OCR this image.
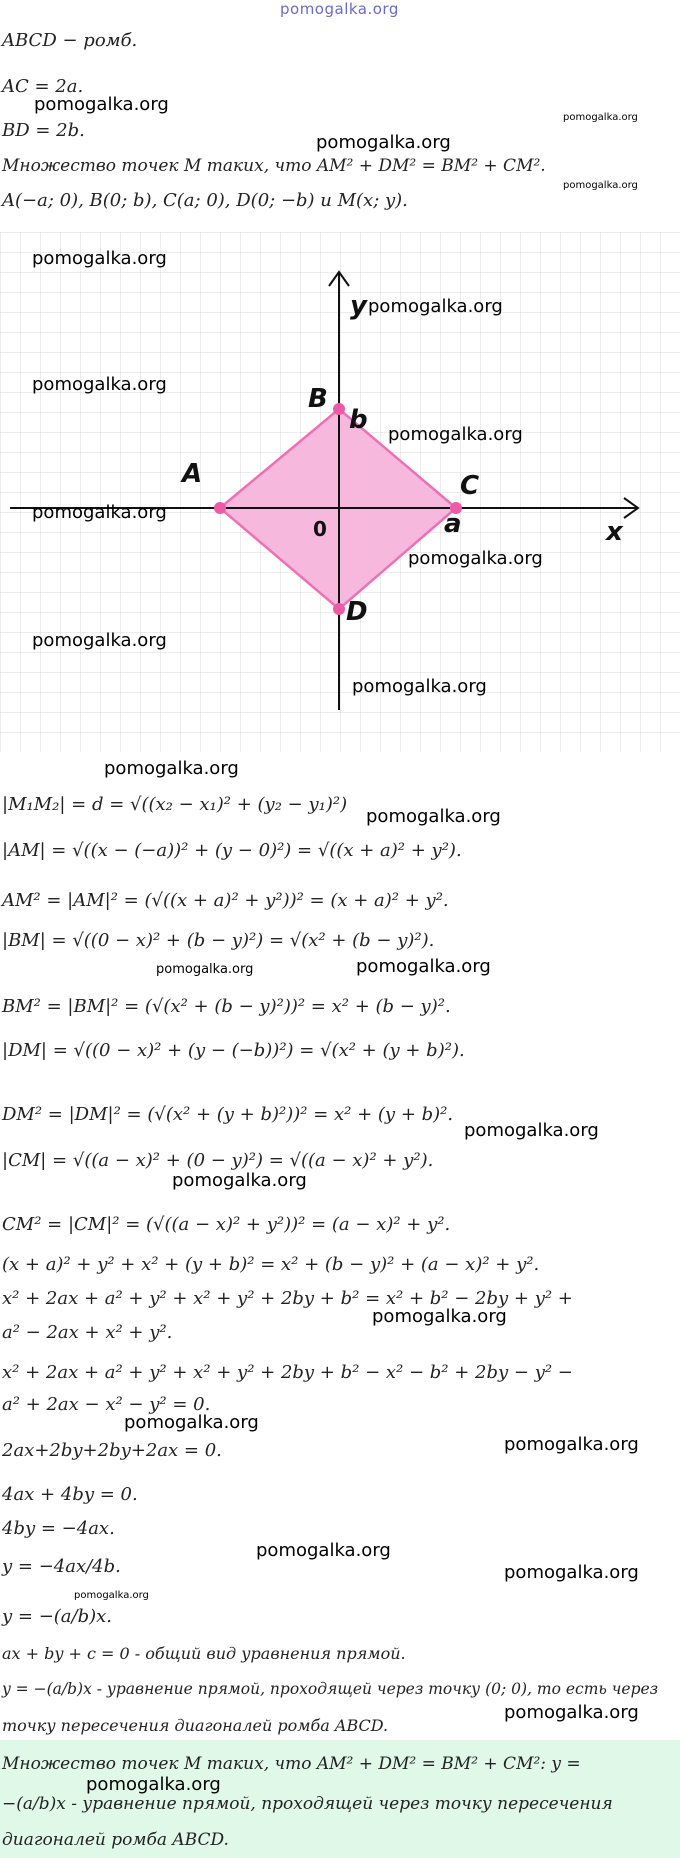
pomogalka.org
ABCD − ромб.
AC = 2a.
BD = 2b.
Множество точек M таких, что AM² + DM² = BM² + CM².
A(−a; 0), B(0; b), C(a; 0), D(0; −b) и M(x; y).
pomogalka.org
pomogalka.org
pomogalka.org
pomogalka.org
A
B
b
C
a
D
0	x
y
pomogalka.org
pomogalka.org
pomogalka.org
pomogalka.org
pomogalka.org
pomogalka.org
pomogalka.org
pomogalka.org
|M₁M₂| = d = √((x₂ − x₁)² + (y₂ − y₁)²)
|AM| = √((x − (−a))² + (y − 0)²) = √((x + a)² + y²).
AM² = |AM|² = (√((x + a)² + y²))² = (x + a)² + y².
|BM| = √((0 − x)² + (b − y)²) = √(x² + (b − y)²).
BM² = |BM|² = (√(x² + (b − y)²))² = x² + (b − y)².
|DM| = √((0 − x)² + (y − (−b))²) = √(x² + (y + b)²).
DM² = |DM|² = (√(x² + (y + b)²))² = x² + (y + b)².
|CM| = √((a − x)² + (0 − y)²) = √((a − x)² + y²).
CM² = |CM|² = (√((a − x)² + y²))² = (a − x)² + y².
(x + a)² + y² + x² + (y + b)² = x² + (b − y)² + (a − x)² + y².
x² + 2ax + a² + y² + x² + y² + 2by + b² = x² + b² − 2by + y² +
a² − 2ax + x² + y².
x² + 2ax + a² + y² + x² + y² + 2by + b² − x² − b² + 2by − y² −
a² + 2ax − x² − y² = 0.
2ax+2by+2by+2ax = 0.
4ax + 4by = 0.
4by = −4ax.
y = −4ax/4b.
y = −(a/b)x.
ax + by + c = 0 - общий вид уравнения прямой.
y = −(a/b)x - уравнение прямой, проходящей через точку (0; 0), то есть через
точку пересечения диагоналей ромба ABCD.
pomogalka.org
pomogalka.org
pomogalka.org	pomogalka.org
pomogalka.org
pomogalka.org
pomogalka.org
pomogalka.org
pomogalka.org
pomogalka.org
pomogalka.org
pomogalka.org
pomogalka.org
Множество точек M таких, что AM² + DM² = BM² + CM²: y =
−(a/b)x - уравнение прямой, проходящей через точку пересечения
диагоналей ромба ABCD.
pomogalka.org
